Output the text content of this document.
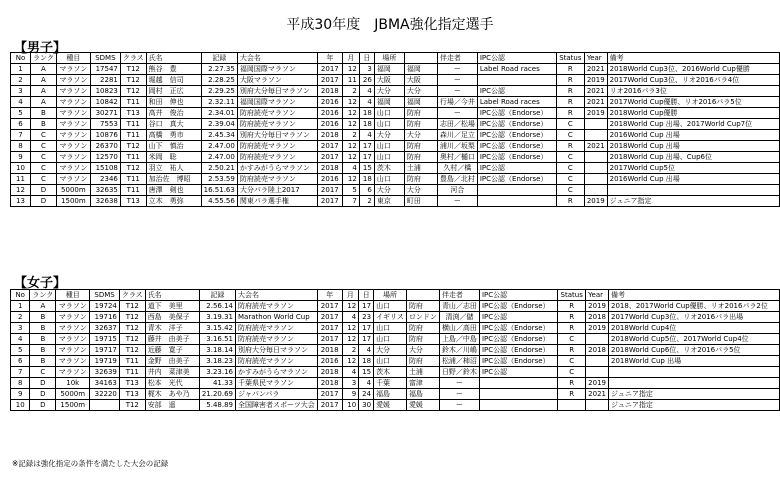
平成30年度　JBMA強化指定選手
【男子】
No	ランク	種目	SDMS	クラス	氏名	記録	大会名	年	月	日	場所		伴走者	IPC公認	Status	Year	備考
1	A	マラソン	17547	T12	熊谷　豊	2.27.35	福岡国際マラソン	2017	12	3	福岡	福岡	ー	Label Road races	R	2021	2018World Cup3位、2016World Cup優勝
2	A	マラソン	2281	T12	堀越　信司	2.28.25	大阪マラソン	2017	11	26	大阪	大阪	ー		R	2019	2017World Cup3位、リオ2016パラ4位
3	A	マラソン	10823	T12	岡村　正広	2.29.25	別府大分毎日マラソン	2018	2	4	大分	大分	ー	IPC公認	R	2021	リオ2016パラ3位
4	A	マラソン	10842	T11	和田　伸也	2.32.11	福岡国際マラソン	2016	12	4	福岡	福岡	行場／今井	Label Road races	R	2021	2017World Cup優勝、リオ2016パラ5位
5	B	マラソン	30271	T13	高井　俊治	2.34.01	防府読売マラソン	2016	12	18	山口	防府	ー	IPC公認（Endorse）	R	2019	2018World Cup優勝
6	B	マラソン	7553	T11	谷口　真大	2.39.04	防府読売マラソン	2016	12	18	山口	防府	志田／松場	IPC公認（Endorse）	C		2018World Cup 出場、2017World Cup7位
7	C	マラソン	10876	T11	高橋　勇市	2.45.34	別府大分毎日マラソン	2018	2	4	大分	大分	森川／足立	IPC公認（Endorse）	C		2016World Cup 出場
8	C	マラソン	26370	T12	山下　慎治	2.47.00	防府読売マラソン	2017	12	17	山口	防府	浦川／坂梨	IPC公認（Endorse）	R	2021	2018World Cup 出場
9	C	マラソン	12570	T11	米岡　聡	2.47.00	防府読売マラソン	2017	12	17	山口	防府	奥村／樋口	IPC公認（Endorse）	C		2018World Cup 出場、Cup6位
10	C	マラソン	15108	T12	羽立　祐人	2.50.21	かすみがうらマラソン	2018	4	15	茨木	土浦	久村／橋	IPC公認	C		2017World Cup5位
11	C	マラソン	2346	T11	加治佐　博昭	2.53.59	防府読売マラソン	2016	12	18	山口	防府	豊島／北村	IPC公認（Endorse）	C		2016World Cup 出場
12	D	5000m	32635	T11	唐澤　剣也	16.51.63	大分パラ陸上2017	2017	5	6	大分	大分	河合		C		
13	D	1500m	32638	T13	立木　勇弥	4.55.56	関東パラ選手権	2017	7	2	東京	町田	ー		R	2019	ジュニア指定
【女子】
No	ランク	種目	SDMS	クラス	氏名	記録	大会名	年	月	日	場所		伴走者	IPC公認	Status	Year	備考
1	A	マラソン	19724	T12	道下　美里	2.56.14	防府読売マラソン	2017	12	17	山口	防府	青山／志田	IPC公認（Endorse）	R	2019	2018、2017World Cup優勝、リオ2016パラ2位
2	B	マラソン	19716	T12	西島　美保子	3.19.31	Marathon World Cup	2017	4	23	イギリス	ロンドン	清渕／儲	IPC公認	R	2018	2017World Cup3位、リオ2016パラ出場
3	B	マラソン	32637	T12	青木　洋子	3.15.42	防府読売マラソン	2017	12	17	山口	防府	横山／高田	IPC公認（Endorse）	R	2019	2018World Cup4位
4	B	マラソン	19715	T12	藤井　由美子	3.16.51	防府読売マラソン	2017	12	17	山口	防府	上島／中島	IPC公認（Endorse）	C		2018World Cup5位、2017World Cup4位
5	B	マラソン	19717	T12	近藤　寛子	3.18.14	別府大分毎日マラソン	2018	2	4	大分	大分	鈴木／川嶋	IPC公認（Endorse）	R	2018	2018World Cup6位、リオ2016パラ5位
6	B	マラソン	19719	T11	金野　由美子	3.18.23	防府読売マラソン	2016	12	18	山口	防府	松浦／柿沼	IPC公認（Endorse）	C		2018World Cup 出場
7	C	マラソン	32639	T11	井内　菜津美	3.23.16	かすみがうらマラソン	2018	4	15	茨木	土浦	日野／鈴木	IPC公認	C		
8	D	10k	34163	T13	松本　光代	41.33	千葉県民マラソン	2018	3	4	千葉	富津	ー		R	2019	
9	D	5000m	32220	T13	梶木　あや乃	21.20.69	ジャパンパラ	2017	9	24	福島	福島	ー		R	2021	ジュニア指定
10	D	1500m		T12	安部　遥	5.48.89	全国障害者スポーツ大会	2017	10	30	愛媛	愛媛	ー				ジュニア指定
※記録は強化指定の条件を満たした大会の記録
